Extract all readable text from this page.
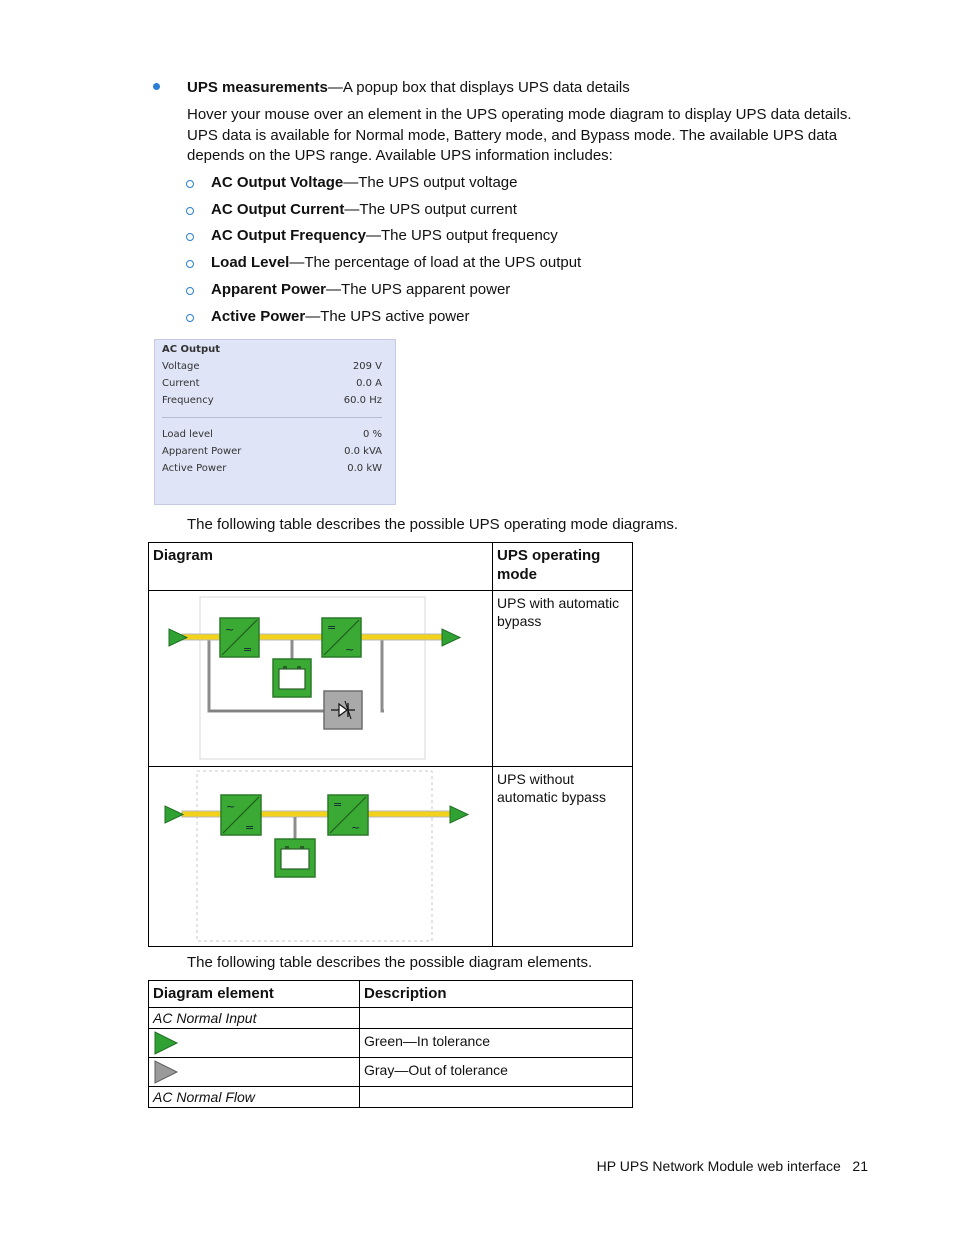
UPS measurements—A popup box that displays UPS data details
Hover your mouse over an element in the UPS operating mode diagram to display UPS data details.
UPS data is available for Normal mode, Battery mode, and Bypass mode. The available UPS data
depends on the UPS range. Available UPS information includes:
AC Output Voltage—The UPS output voltage
AC Output Current—The UPS output current
AC Output Frequency—The UPS output frequency
Load Level—The percentage of load at the UPS output
Apparent Power—The UPS apparent power
Active Power—The UPS active power
AC Output
Voltage	209 V
Current	0.0 A
Frequency	60.0 Hz
Load level	0 %
Apparent Power	0.0 kVA
Active Power	0.0 kW
The following table describes the possible UPS operating mode diagrams.
Diagram	UPS operating
mode

~
=
=
~	UPS with automatic
bypass

~
=
=
~	UPS without
automatic bypass
The following table describes the possible diagram elements.
Diagram element	Description
AC Normal Input	

	Green—In tolerance

	Gray—Out of tolerance
AC Normal Flow	
HP UPS Network Module web interface 21
